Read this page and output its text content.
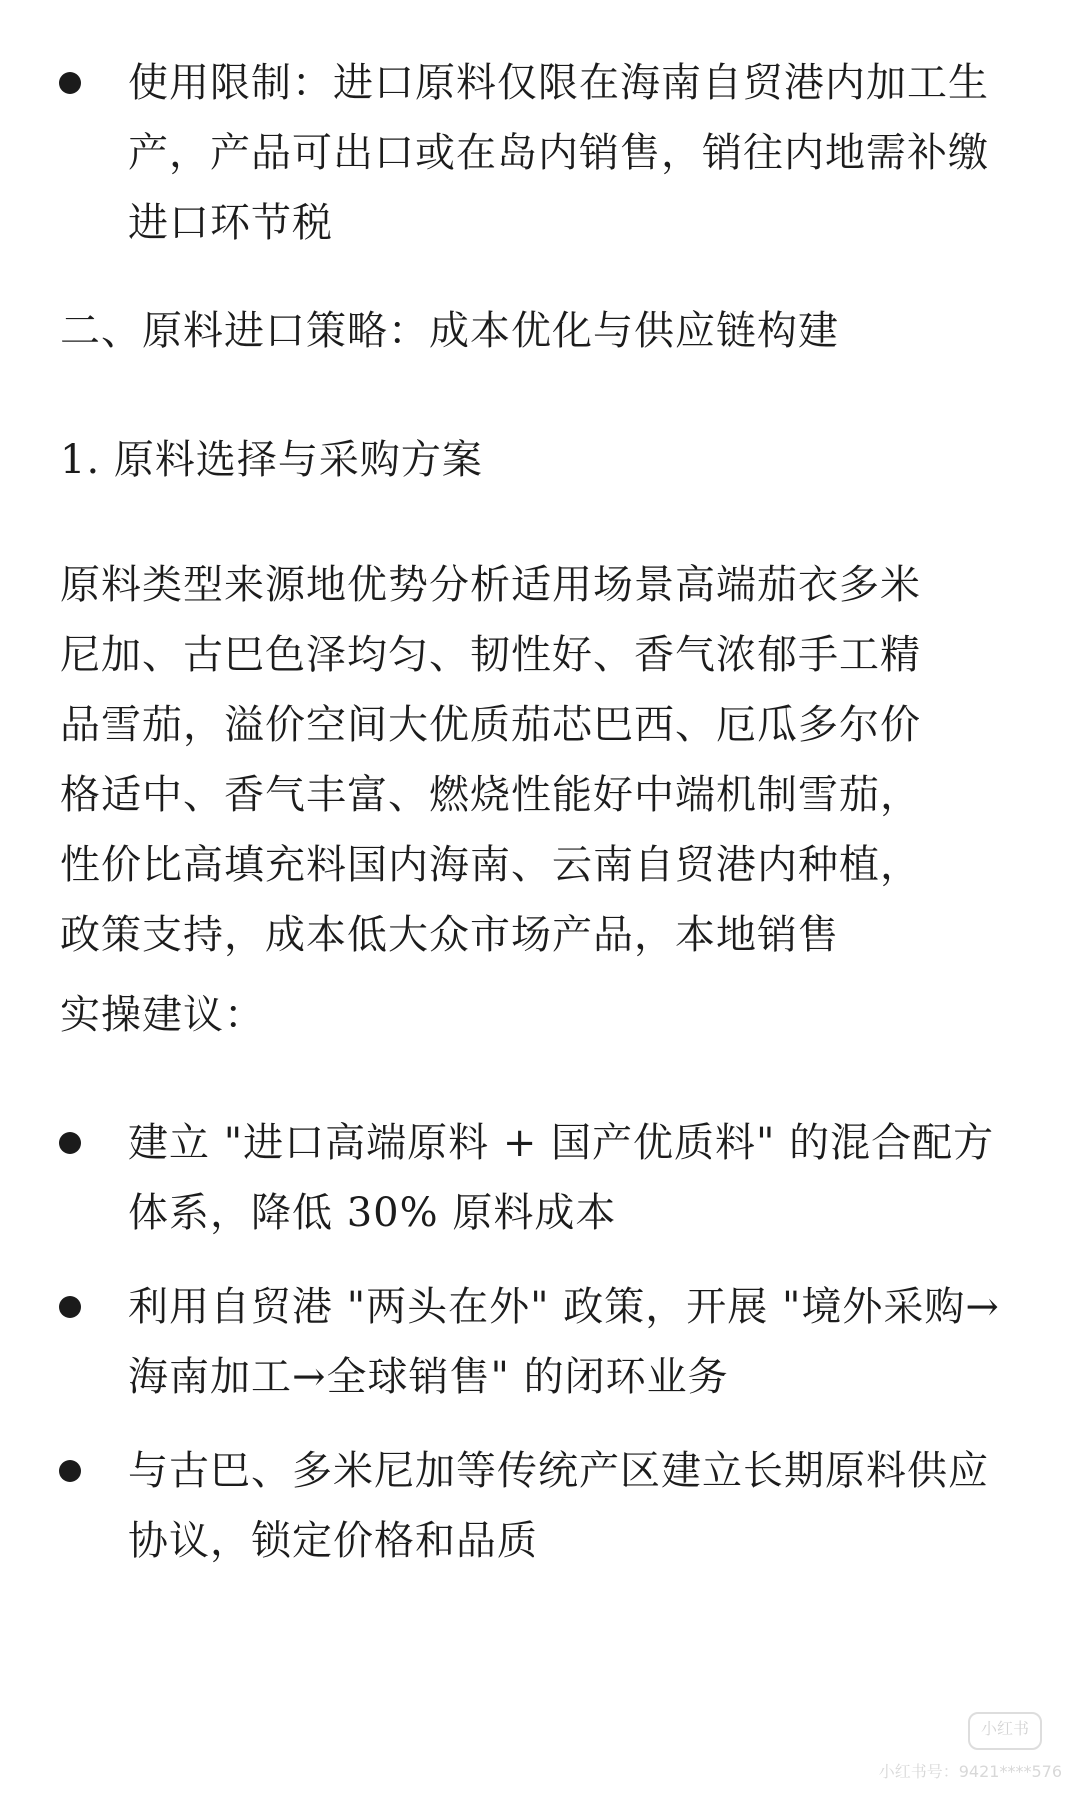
使用限制：进口原料仅限在海南自贸港内加工生产，产品可出口或在岛内销售，销往内地需补缴进口环节税
二、原料进口策略：成本优化与供应链构建
1. 原料选择与采购方案
原料类型来源地优势分析适用场景高端茄衣多米尼加、古巴色泽均匀、韧性好、香气浓郁手工精品雪茄，溢价空间大优质茄芯巴西、厄瓜多尔价格适中、香气丰富、燃烧性能好中端机制雪茄，性价比高填充料国内海南、云南自贸港内种植，政策支持，成本低大众市场产品，本地销售
实操建议：
建立 "进口高端原料 + 国产优质料" 的混合配方体系，降低 30% 原料成本
利用自贸港 "两头在外" 政策，开展 "境外采购→海南加工→全球销售" 的闭环业务
与古巴、多米尼加等传统产区建立长期原料供应协议，锁定价格和品质
小红书
小红书号：9421****576
